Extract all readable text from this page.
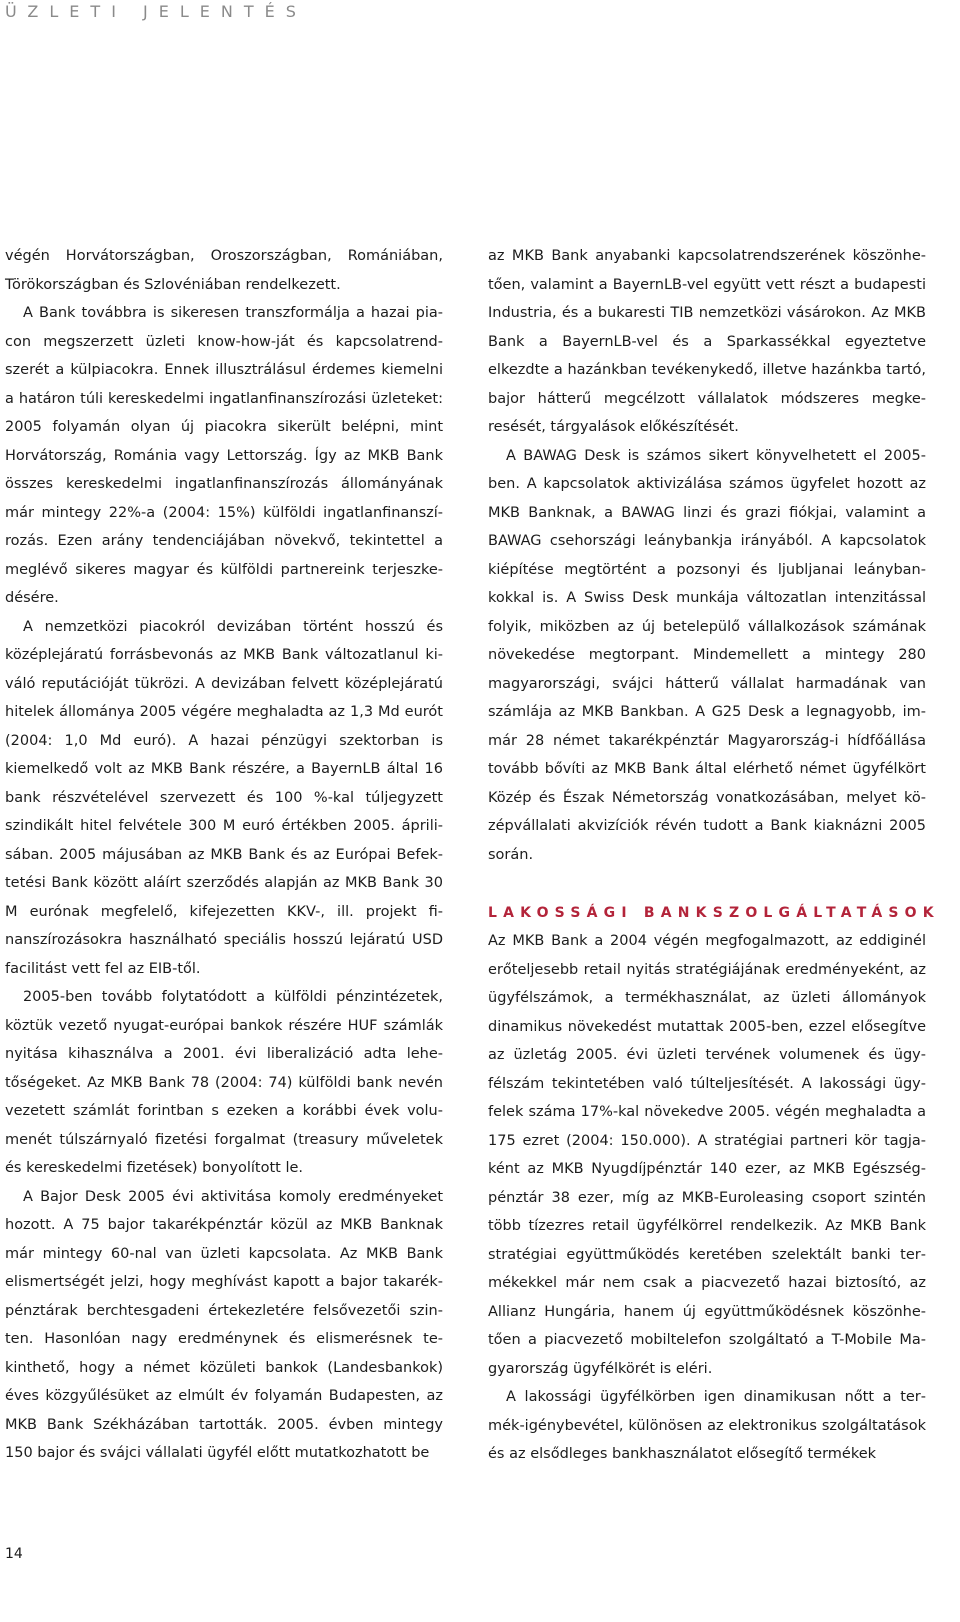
ÜZLETI JELENTÉS

végén Horvátországban, Oroszországban, Romániában, Törökországban és Szlovéniában rendelkezett.

A Bank továbbra is sikeresen transzformálja a hazai piacon megszerzett üzleti know-how-ját és kapcsolatrendszerét a külpiacokra. Ennek illusztrálásul érdemes kiemelni a határon túli kereskedelmi ingatlanfinanszírozási üzleteket: 2005 folyamán olyan új piacokra sikerült belépni, mint Horvátország, Románia vagy Lettország. Így az MKB Bank összes kereskedelmi ingatlanfinanszírozás állományának már mintegy 22%-a (2004: 15%) külföldi ingatlanfinanszírozás. Ezen arány tendenciájában növekvő, tekintettel a meglévő sikeres magyar és külföldi partnereink terjeszkedésére.

A nemzetközi piacokról devizában történt hosszú és középlejáratú forrásbevonás az MKB Bank változatlanul kiváló reputációját tükrözi. A devizában felvett középlejáratú hitelek állománya 2005 végére meghaladta az 1,3 Md eurót (2004: 1,0 Md euró). A hazai pénzügyi szektorban is kiemelkedő volt az MKB Bank részére, a BayernLB által 16 bank részvételével szervezett és 100 %-kal túljegyzett szindikált hitel felvétele 300 M euró értékben 2005. áprilisában. 2005 májusában az MKB Bank és az Európai Befektetési Bank között aláírt szerződés alapján az MKB Bank 30 M eurónak megfelelő, kifejezetten KKV-, ill. projekt finanszírozásokra használható speciális hosszú lejáratú USD facilitást vett fel az EIB-től.

2005-ben tovább folytatódott a külföldi pénzintézetek, köztük vezető nyugat-európai bankok részére HUF számlák nyitása kihasználva a 2001. évi liberalizáció adta lehetőségeket. Az MKB Bank 78 (2004: 74) külföldi bank nevén vezetett számlát forintban s ezeken a korábbi évek volumenét túlszárnyaló fizetési forgalmat (treasury műveletek és kereskedelmi fizetések) bonyolított le.

A Bajor Desk 2005 évi aktivitása komoly eredményeket hozott. A 75 bajor takarékpénztár közül az MKB Banknak már mintegy 60-nal van üzleti kapcsolata. Az MKB Bank elismertségét jelzi, hogy meghívást kapott a bajor takarékpénztárak berchtesgadeni értekezletére felsővezetői szinten. Hasonlóan nagy eredménynek és elismerésnek tekinthető, hogy a német közületi bankok (Landesbankok) éves közgyűlésüket az elmúlt év folyamán Budapesten, az MKB Bank Székházában tartották. 2005. évben mintegy 150 bajor és svájci vállalati ügyfél előtt mutatkozhatott be

az MKB Bank anyabanki kapcsolatrendszerének köszönhetően, valamint a BayernLB-vel együtt vett részt a budapesti Industria, és a bukaresti TIB nemzetközi vásárokon. Az MKB Bank a BayernLB-vel és a Sparkassékkal egyeztetve elkezdte a hazánkban tevékenykedő, illetve hazánkba tartó, bajor hátterű megcélzott vállalatok módszeres megkeresését, tárgyalások előkészítését.

A BAWAG Desk is számos sikert könyvelhetett el 2005-ben. A kapcsolatok aktivizálása számos ügyfelet hozott az MKB Banknak, a BAWAG linzi és grazi fiókjai, valamint a BAWAG csehországi leánybankja irányából. A kapcsolatok kiépítése megtörtént a pozsonyi és ljubljanai leánybankokkal is. A Swiss Desk munkája változatlan intenzitással folyik, miközben az új betelepülő vállalkozások számának növekedése megtorpant. Mindemellett a mintegy 280 magyarországi, svájci hátterű vállalat harmadának van számlája az MKB Bankban. A G25 Desk a legnagyobb, immár 28 német takarékpénztár Magyarország-i hídfőállása tovább bővíti az MKB Bank által elérhető német ügyfélkört Közép és Észak Németország vonatkozásában, melyet középvállalati akvizíciók révén tudott a Bank kiaknázni 2005 során.

LAKOSSÁGI BANKSZOLGÁLTATÁSOK

Az MKB Bank a 2004 végén megfogalmazott, az eddiginél erőteljesebb retail nyitás stratégiájának eredményeként, az ügyfélszámok, a termékhasználat, az üzleti állományok dinamikus növekedést mutattak 2005-ben, ezzel elősegítve az üzletág 2005. évi üzleti tervének volumenek és ügyfélszám tekintetében való túlteljesítését. A lakossági ügyfelek száma 17%-kal növekedve 2005. végén meghaladta a 175 ezret (2004: 150.000). A stratégiai partneri kör tagjaként az MKB Nyugdíjpénztár 140 ezer, az MKB Egészségpénztár 38 ezer, míg az MKB-Euroleasing csoport szintén több tízezres retail ügyfélkörrel rendelkezik. Az MKB Bank stratégiai együttműködés keretében szelektált banki termékekkel már nem csak a piacvezető hazai biztosító, az Allianz Hungária, hanem új együttműködésnek köszönhetően a piacvezető mobiltelefon szolgáltató a T-Mobile Magyarország ügyfélkörét is eléri.

A lakossági ügyfélkörben igen dinamikusan nőtt a termék-igénybevétel, különösen az elektronikus szolgáltatások és az elsődleges bankhasználatot elősegítő termékek

14
